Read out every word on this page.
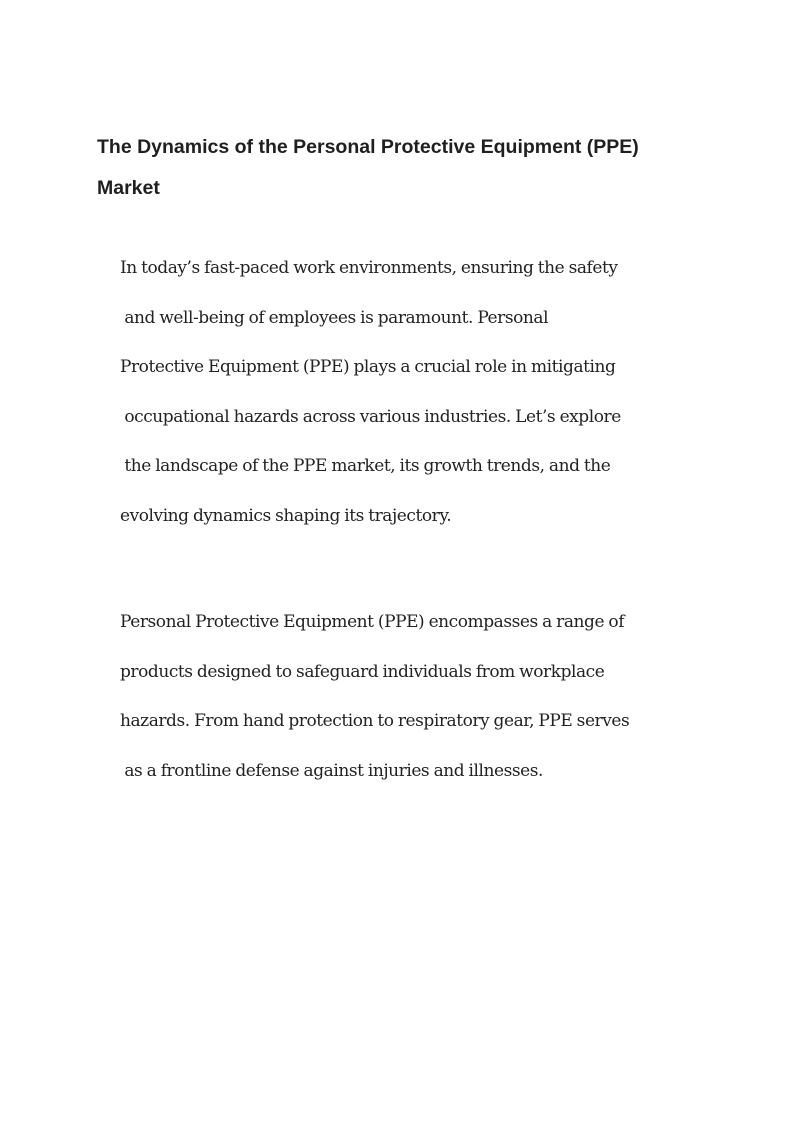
The Dynamics of the Personal Protective Equipment (PPE)
Market

In today’s fast-paced work environments, ensuring the safety
and well-being of employees is paramount. Personal
Protective Equipment (PPE) plays a crucial role in mitigating
occupational hazards across various industries. Let’s explore
the landscape of the PPE market, its growth trends, and the
evolving dynamics shaping its trajectory.

Personal Protective Equipment (PPE) encompasses a range of
products designed to safeguard individuals from workplace
hazards. From hand protection to respiratory gear, PPE serves
as a frontline defense against injuries and illnesses.
